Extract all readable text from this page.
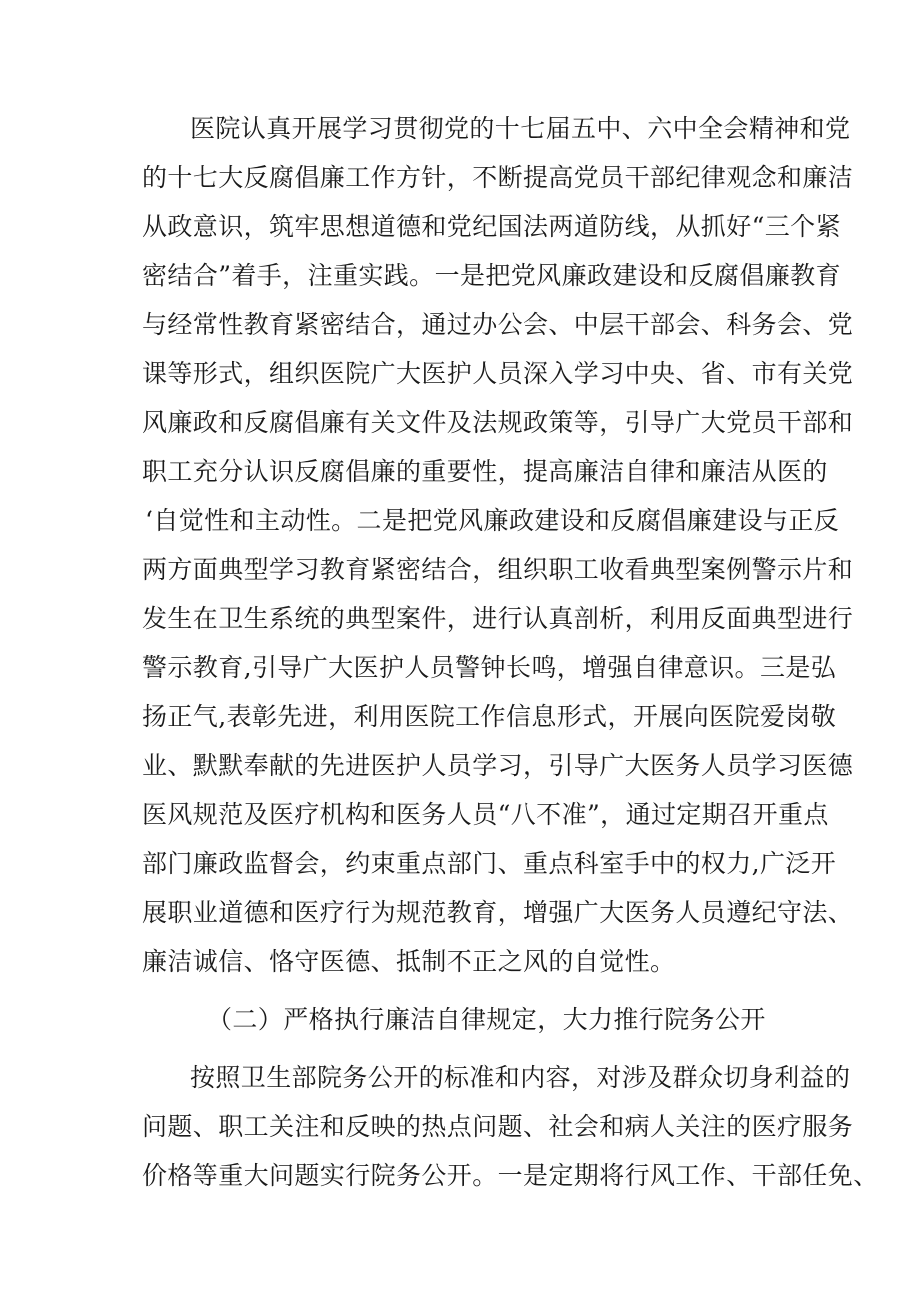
医院认真开展学习贯彻党的十七届五中、六中全会精神和党
的十七大反腐倡廉工作方针，不断提高党员干部纪律观念和廉洁
从政意识，筑牢思想道德和党纪国法两道防线，从抓好“三个紧
密结合”着手，注重实践。一是把党风廉政建设和反腐倡廉教育
与经常性教育紧密结合，通过办公会、中层干部会、科务会、党
课等形式，组织医院广大医护人员深入学习中央、省、市有关党
风廉政和反腐倡廉有关文件及法规政策等，引导广大党员干部和
职工充分认识反腐倡廉的重要性，提高廉洁自律和廉洁从医的
‘自觉性和主动性。二是把党风廉政建设和反腐倡廉建设与正反
两方面典型学习教育紧密结合，组织职工收看典型案例警示片和
发生在卫生系统的典型案件，进行认真剖析，利用反面典型进行
警示教育,引导广大医护人员警钟长鸣，增强自律意识。三是弘
扬正气,表彰先进，利用医院工作信息形式，开展向医院爱岗敬
业、默默奉献的先进医护人员学习，引导广大医务人员学习医德
医风规范及医疗机构和医务人员“八不准”，通过定期召开重点
部门廉政监督会，约束重点部门、重点科室手中的权力,广泛开
展职业道德和医疗行为规范教育，增强广大医务人员遵纪守法、
廉洁诚信、恪守医德、抵制不正之风的自觉性。
（二）严格执行廉洁自律规定，大力推行院务公开
按照卫生部院务公开的标准和内容，对涉及群众切身利益的
问题、职工关注和反映的热点问题、社会和病人关注的医疗服务
价格等重大问题实行院务公开。一是定期将行风工作、干部任免、
